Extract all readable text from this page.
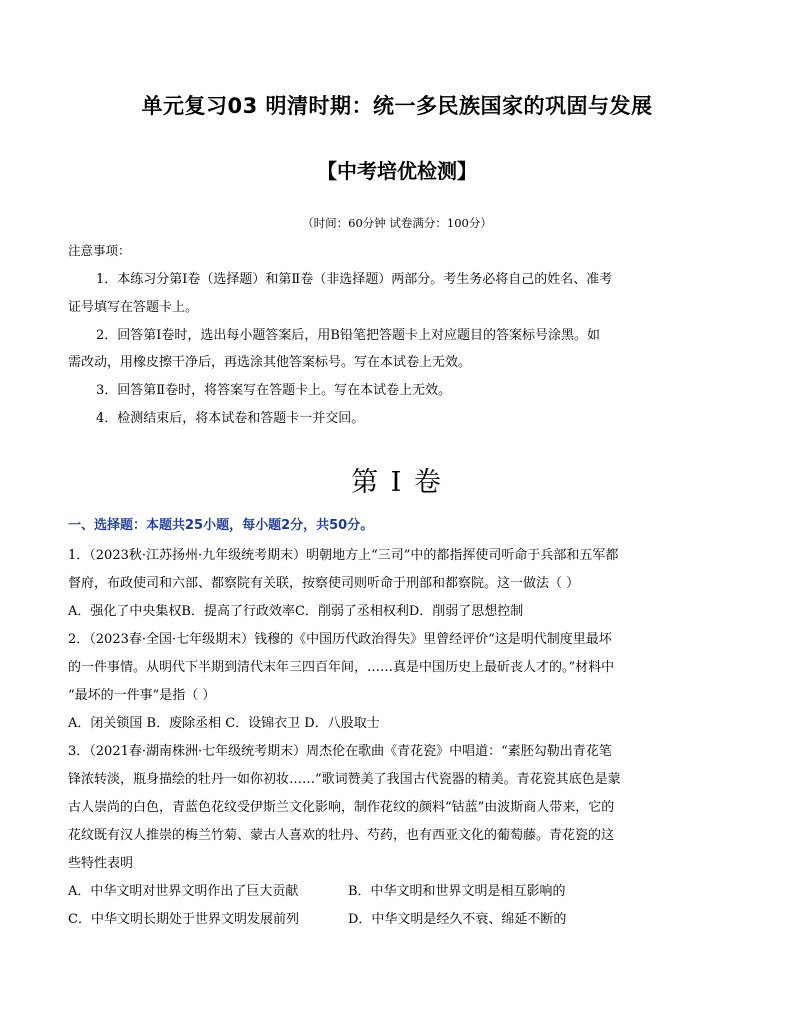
单元复习03 明清时期：统一多民族国家的巩固与发展
【中考培优检测】
（时间：60分钟 试卷满分：100分）
注意事项：
1．本练习分第Ⅰ卷（选择题）和第Ⅱ卷（非选择题）两部分。考生务必将自己的姓名、准考
证号填写在答题卡上。
2．回答第Ⅰ卷时，选出每小题答案后，用B铅笔把答题卡上对应题目的答案标号涂黑。如
需改动，用橡皮擦干净后，再选涂其他答案标号。写在本试卷上无效。
3．回答第Ⅱ卷时，将答案写在答题卡上。写在本试卷上无效。
4．检测结束后，将本试卷和答题卡一并交回。
第 I 卷
一、选择题：本题共25小题，每小题2分，共50分。
1．（2023秋·江苏扬州·九年级统考期末）明朝地方上“三司”中的都指挥使司听命于兵部和五军都
督府，布政使司和六部、都察院有关联，按察使司则听命于刑部和都察院。这一做法（ ）
A．强化了中央集权B．提高了行政效率C．削弱了丞相权利D．削弱了思想控制
2．（2023春·全国·七年级期末）钱穆的《中国历代政治得失》里曾经评价“这是明代制度里最坏
的一件事情。从明代下半期到清代末年三四百年间，……真是中国历史上最斫丧人才的。”材料中
“最坏的一件事”是指（ ）
A．闭关锁国 B．废除丞相 C．设锦衣卫 D．八股取士
3．（2021春·湖南株洲·七年级统考期末）周杰伦在歌曲《青花瓷》中唱道：“素胚勾勒出青花笔
锋浓转淡，瓶身描绘的牡丹一如你初妆……”歌词赞美了我国古代瓷器的精美。青花瓷其底色是蒙
古人崇尚的白色，青蓝色花纹受伊斯兰文化影响，制作花纹的颜料“钴蓝”由波斯商人带来，它的
花纹既有汉人推崇的梅兰竹菊、蒙古人喜欢的牡丹、芍药，也有西亚文化的葡萄藤。青花瓷的这
些特性表明
A．中华文明对世界文明作出了巨大贡献	B．中华文明和世界文明是相互影响的
C．中华文明长期处于世界文明发展前列	D．中华文明是经久不衰、绵延不断的
